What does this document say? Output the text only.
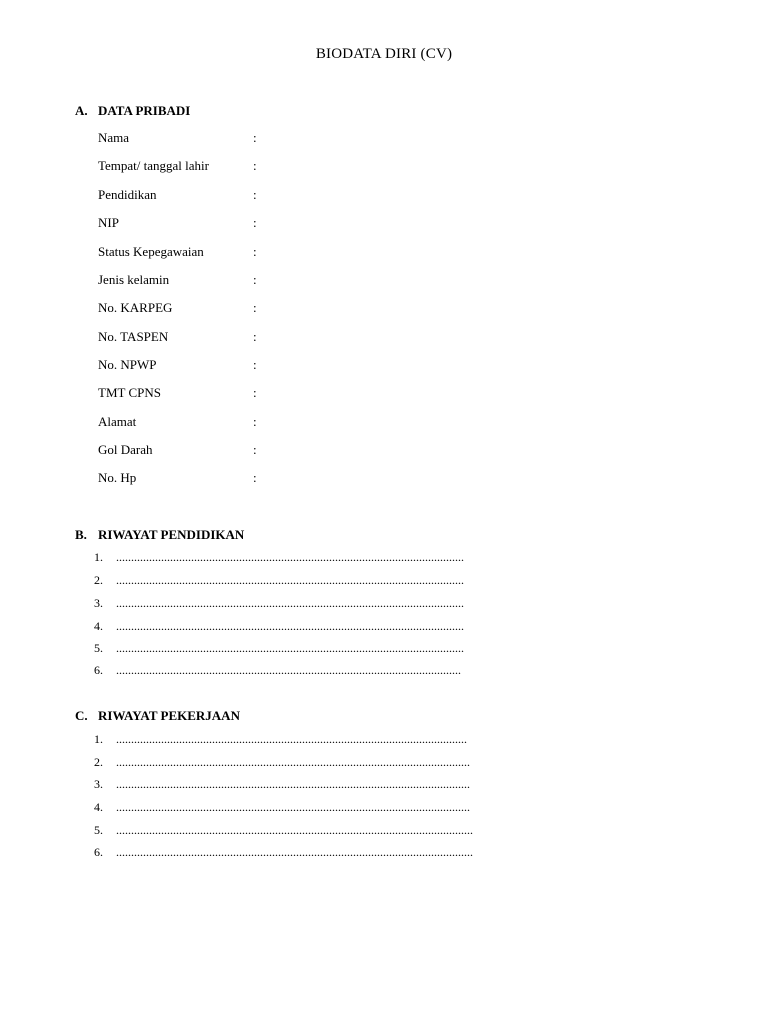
BIODATA DIRI (CV)
A. DATA PRIBADI
Nama	:
Tempat/ tanggal lahir	:
Pendidikan	:
NIP	:
Status Kepegawaian	:
Jenis kelamin	:
No. KARPEG	:
No. TASPEN	:
No. NPWP	:
TMT CPNS	:
Alamat	:
Gol Darah	:
No. Hp	:
B. RIWAYAT PENDIDIKAN
1. ....................................................................................................................
2. ....................................................................................................................
3. ....................................................................................................................
4. ....................................................................................................................
5. ....................................................................................................................
6. ...................................................................................................................
C. RIWAYAT PEKERJAAN
1. .....................................................................................................................
2. ......................................................................................................................
3. ......................................................................................................................
4. ......................................................................................................................
5. .......................................................................................................................
6. .......................................................................................................................
